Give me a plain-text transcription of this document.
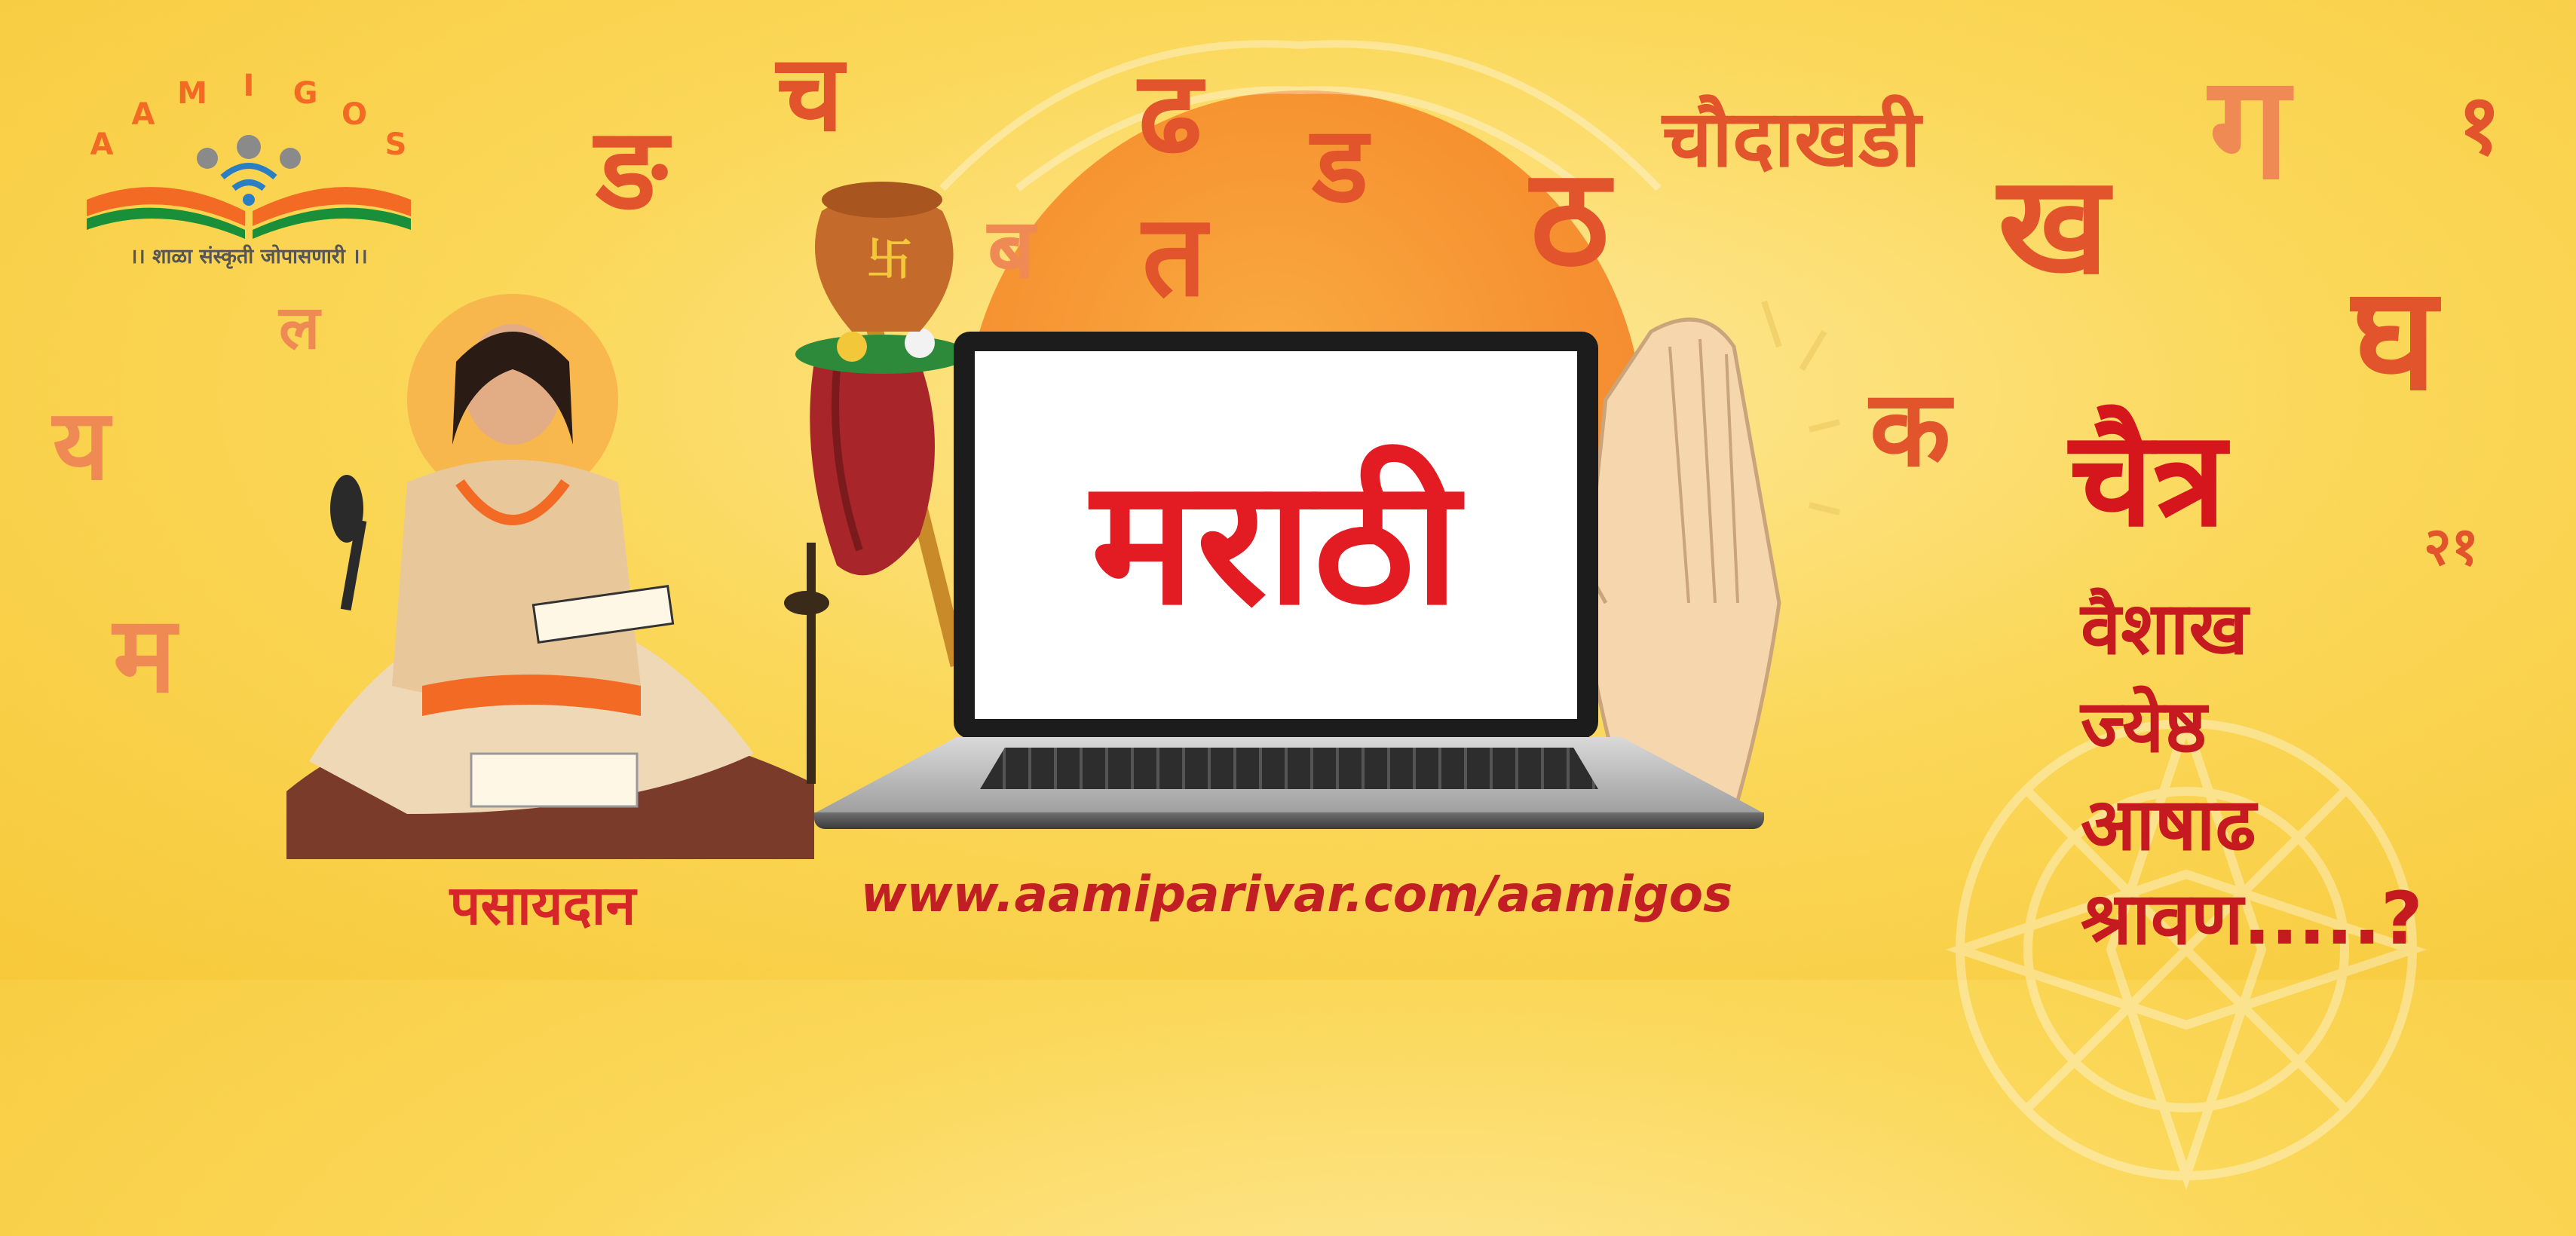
ङ
च	ढ
ब त
ड ठ
ग
ख
घ
क
ल
य
म
१
२१
A
A
M I G
O
S
।। शाळा संस्कृती जोपासणारी ।।	卐
पसायदान
मराठी
www.aamiparivar.com/aamigos
चौदाखडी
चैत्र
वैशाख
ज्येष्ठ
आषाढ
श्रावण.....?
